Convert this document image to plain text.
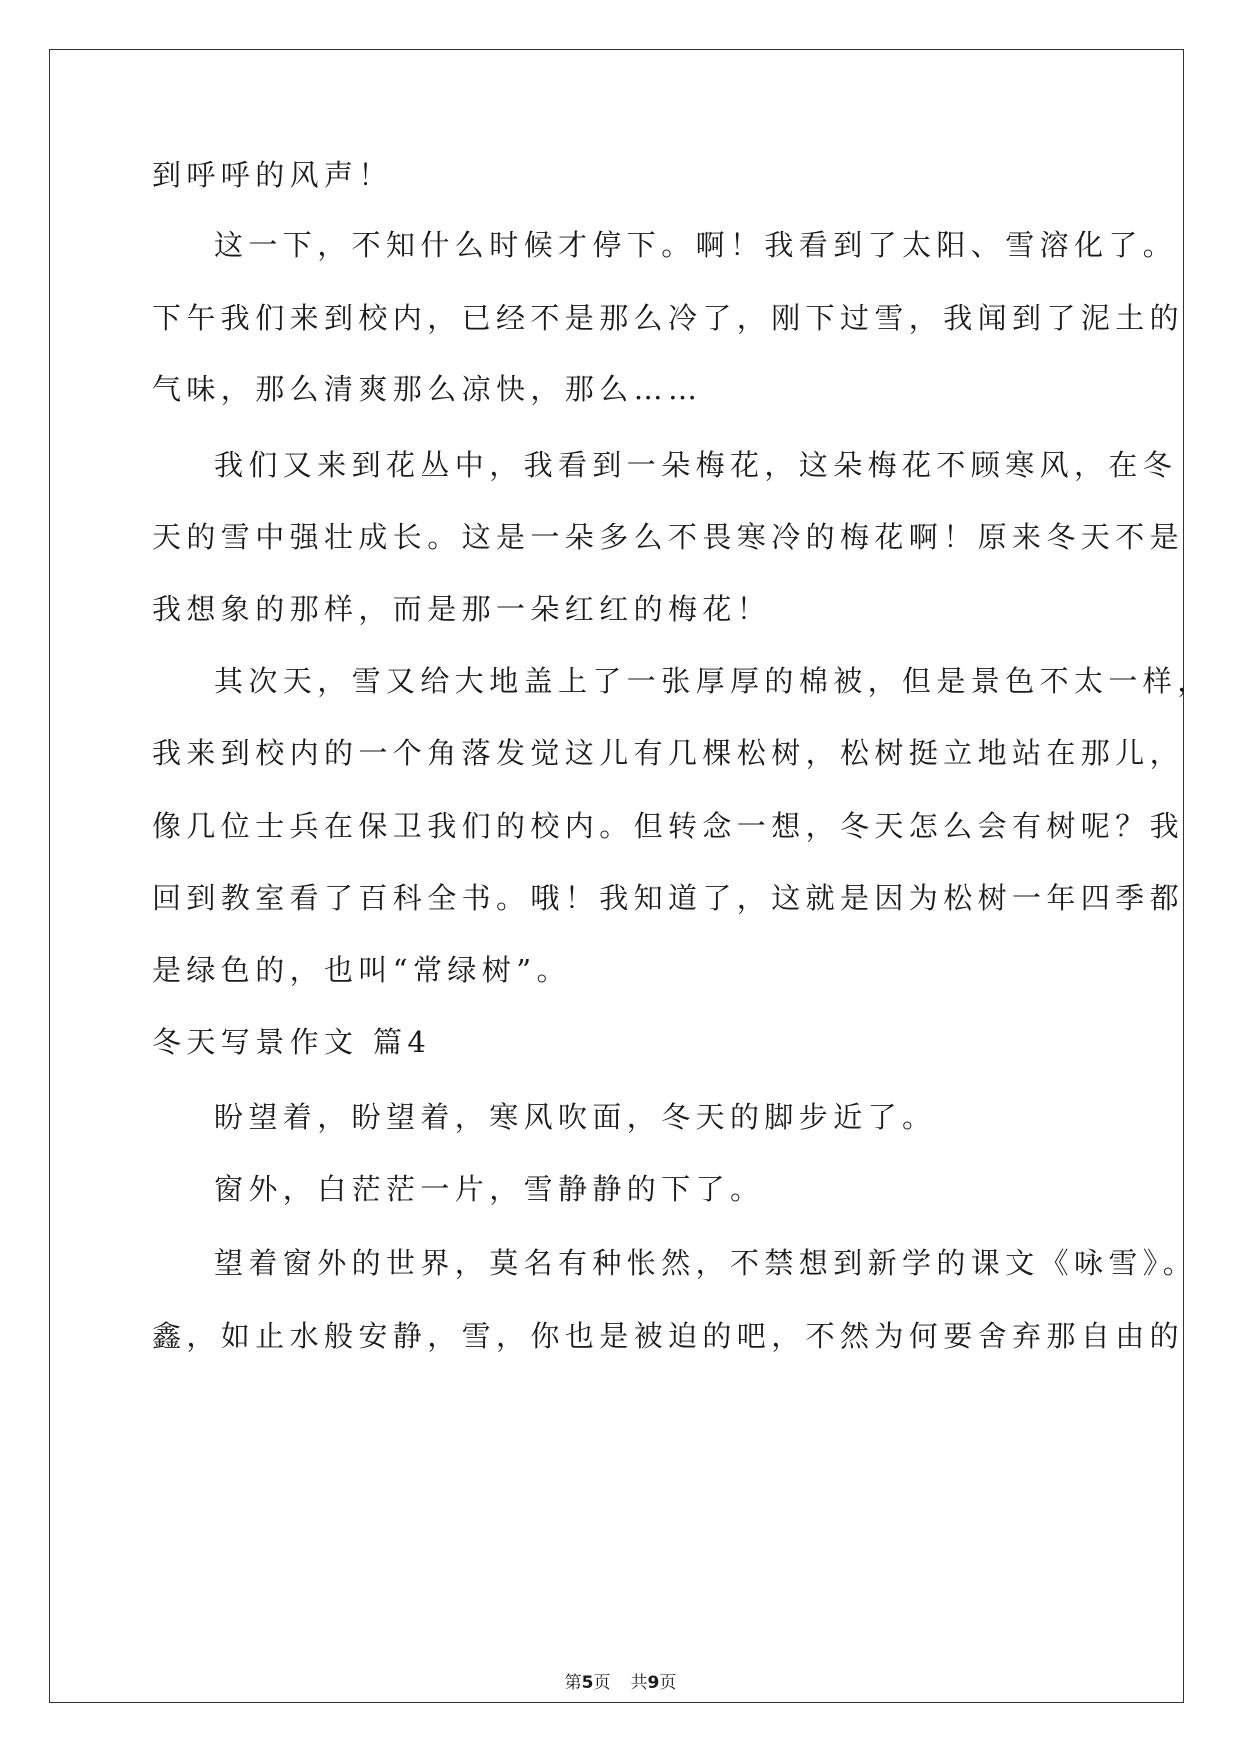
到呼呼的风声！
这一下，不知什么时候才停下。啊！我看到了太阳、雪溶化了。
下午我们来到校内，已经不是那么冷了，刚下过雪，我闻到了泥土的
气味，那么清爽那么凉快，那么……
我们又来到花丛中，我看到一朵梅花，这朵梅花不顾寒风，在冬
天的雪中强壮成长。这是一朵多么不畏寒冷的梅花啊！原来冬天不是
我想象的那样，而是那一朵红红的梅花！
其次天，雪又给大地盖上了一张厚厚的棉被，但是景色不太一样，
我来到校内的一个角落发觉这儿有几棵松树，松树挺立地站在那儿，
像几位士兵在保卫我们的校内。但转念一想，冬天怎么会有树呢？我
回到教室看了百科全书。哦！我知道了，这就是因为松树一年四季都
是绿色的，也叫“常绿树”。
冬天写景作文 篇4
盼望着，盼望着，寒风吹面，冬天的脚步近了。
窗外，白茫茫一片，雪静静的下了。
望着窗外的世界，莫名有种怅然，不禁想到新学的课文《咏雪》。
鑫，如止水般安静，雪，你也是被迫的吧，不然为何要舍弃那自由的
第5页 共9页
